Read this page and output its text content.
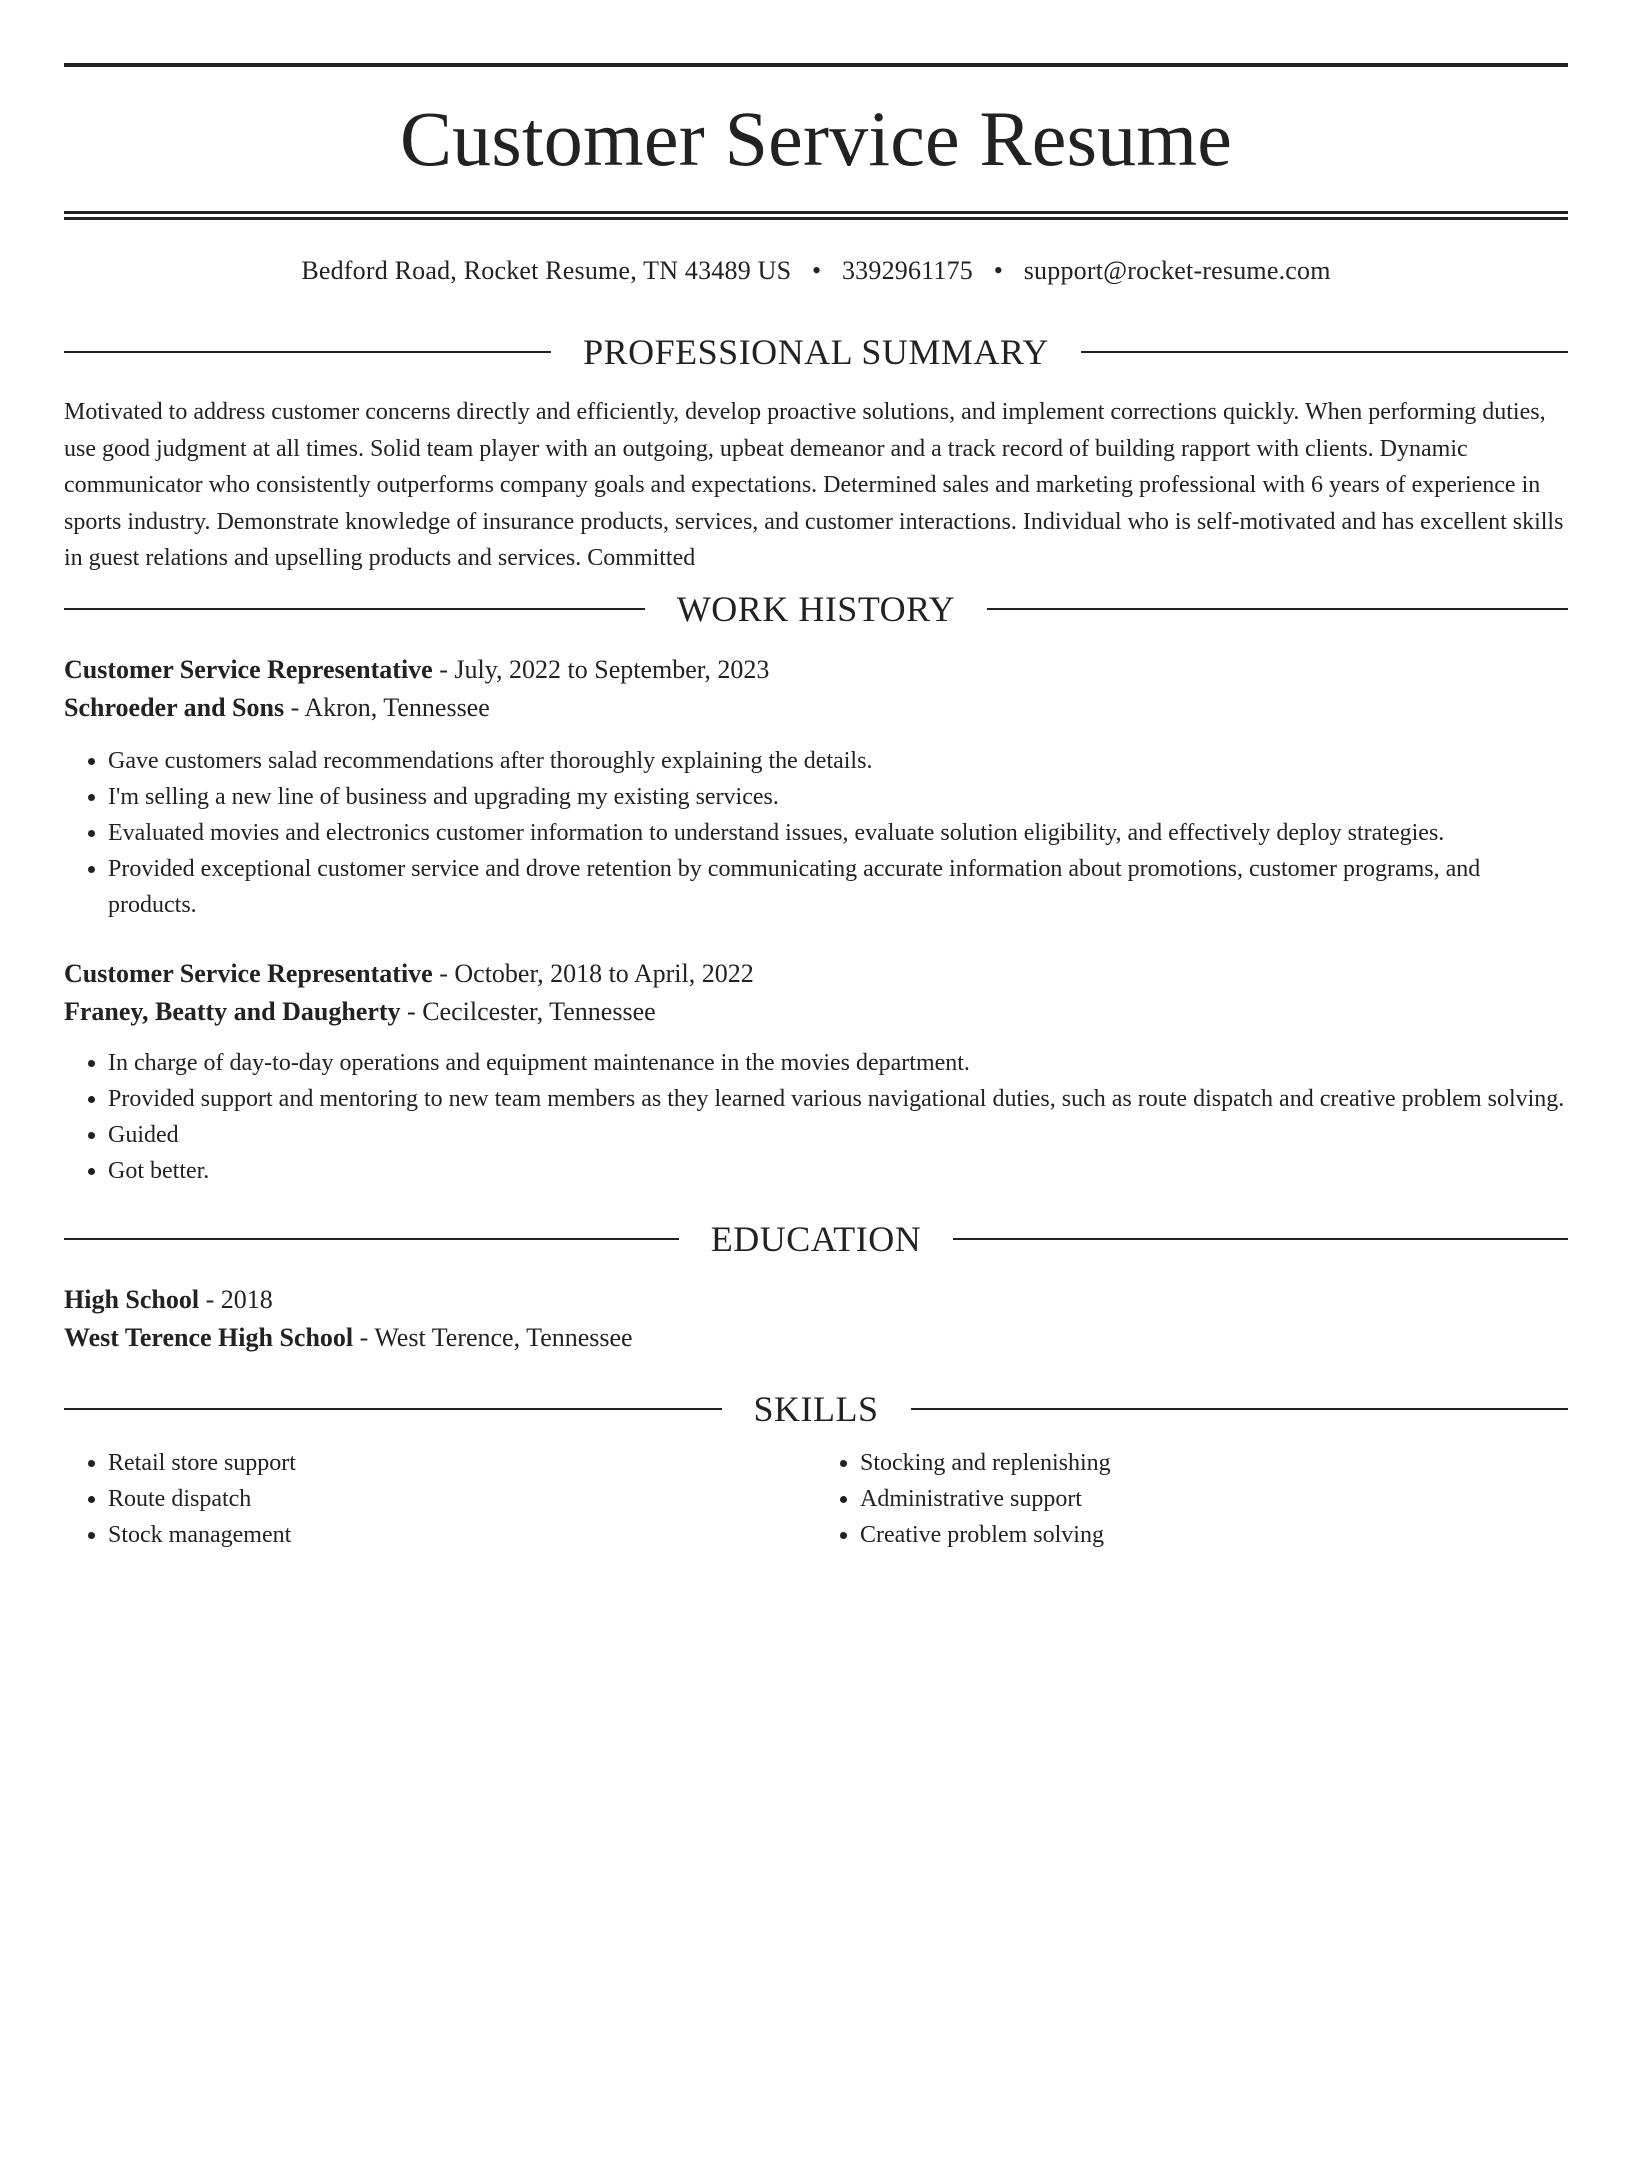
Customer Service Resume
Bedford Road, Rocket Resume, TN 43489 US • 3392961175 • support@rocket-resume.com
PROFESSIONAL SUMMARY

Motivated to address customer concerns directly and efficiently, develop proactive solutions, and implement corrections quickly. When performing duties, use good judgment at all times. Solid team player with an outgoing, upbeat demeanor and a track record of building rapport with clients. Dynamic communicator who consistently outperforms company goals and expectations. Determined sales and marketing professional with 6 years of experience in sports industry. Demonstrate knowledge of insurance products, services, and customer interactions. Individual who is self-motivated and has excellent skills in guest relations and upselling products and services. Committed

WORK HISTORY
Customer Service Representative - July, 2022 to September, 2023
Schroeder and Sons - Akron, Tennessee
• Gave customers salad recommendations after thoroughly explaining the details.
• I'm selling a new line of business and upgrading my existing services.
• Evaluated movies and electronics customer information to understand issues, evaluate solution eligibility, and effectively deploy strategies.
• Provided exceptional customer service and drove retention by communicating accurate information about promotions, customer programs, and products.
Customer Service Representative - October, 2018 to April, 2022
Franey, Beatty and Daugherty - Cecilcester, Tennessee
• In charge of day-to-day operations and equipment maintenance in the movies department.
• Provided support and mentoring to new team members as they learned various navigational duties, such as route dispatch and creative problem solving.
• Guided
• Got better.
EDUCATION
High School - 2018
West Terence High School - West Terence, Tennessee
SKILLS
• Retail store support
• Route dispatch
• Stock management
• Stocking and replenishing
• Administrative support
• Creative problem solving
